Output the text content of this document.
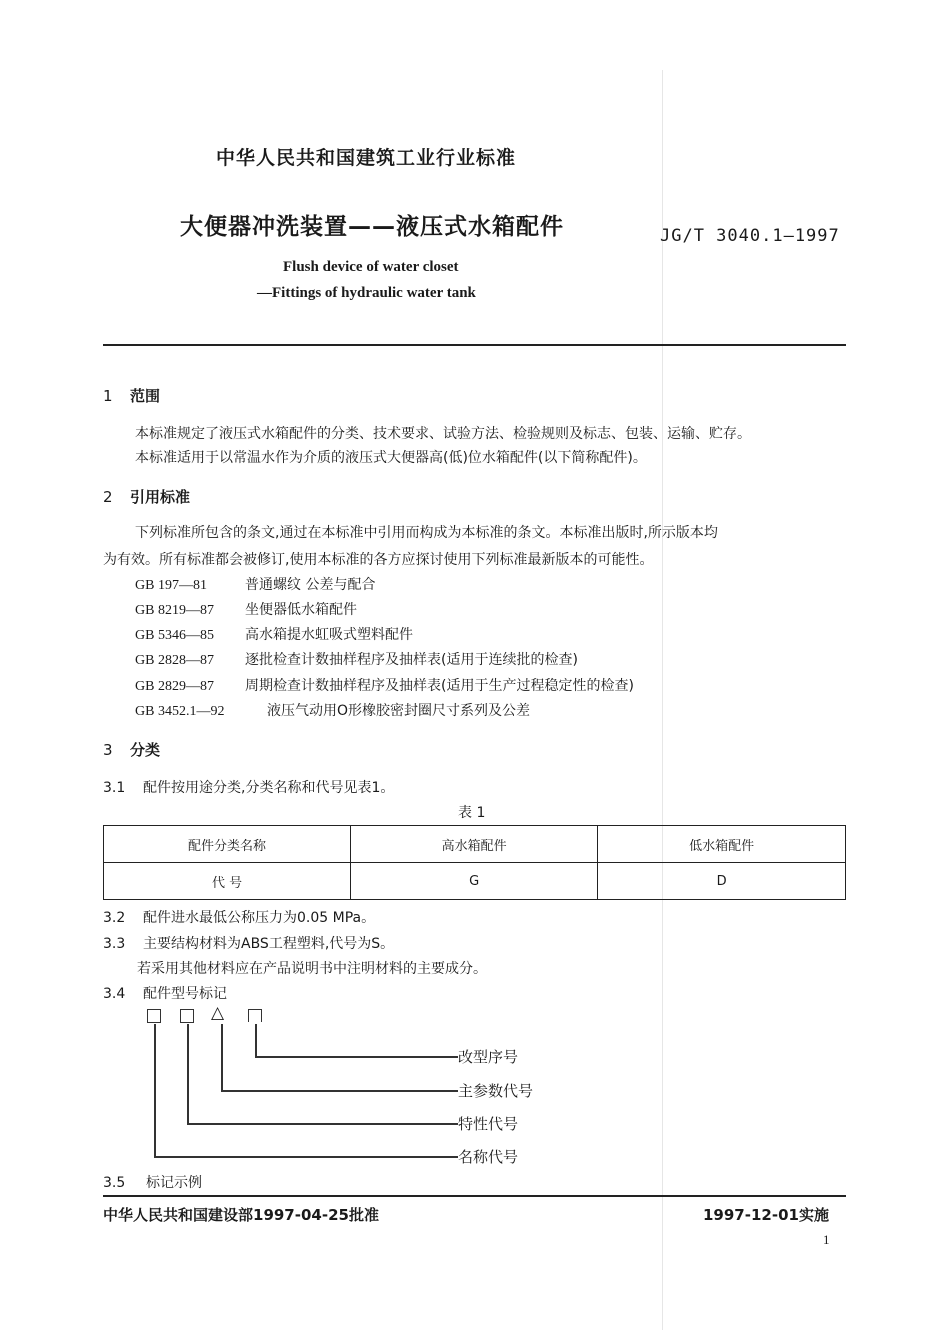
中华人民共和国建筑工业行业标准
大便器冲洗装置——液压式水箱配件	JG/T 3040.1—1997
Flush device of water closet
—Fittings of hydraulic water tank
1 范围
本标准规定了液压式水箱配件的分类、技术要求、试验方法、检验规则及标志、包装、运输、贮存。
本标准适用于以常温水作为介质的液压式大便器高(低)位水箱配件(以下简称配件)。
2 引用标准
下列标准所包含的条文,通过在本标准中引用而构成为本标准的条文。本标准出版时,所示版本均
为有效。所有标准都会被修订,使用本标准的各方应探讨使用下列标准最新版本的可能性。
GB 197—81	普通螺纹 公差与配合
GB 8219—87 坐便器低水箱配件
GB 5346—85 高水箱提水虹吸式塑料配件
GB 2828—87 逐批检查计数抽样程序及抽样表(适用于连续批的检查)
GB 2829—87 周期检查计数抽样程序及抽样表(适用于生产过程稳定性的检查)
GB 3452.1—92	液压气动用O形橡胶密封圈尺寸系列及公差
3 分类
3.1 配件按用途分类,分类名称和代号见表1。
表 1
配件分类名称	高水箱配件	低水箱配件
代 号	G	D
3.2 配件进水最低公称压力为0.05 MPa。
3.3 主要结构材料为ABS工程塑料,代号为S。
若采用其他材料应在产品说明书中注明材料的主要成分。
3.4 配件型号标记
△
改型序号
主参数代号
特性代号
名称代号
3.5 标记示例
中华人民共和国建设部1997-04-25批准	1997-12-01实施
1
